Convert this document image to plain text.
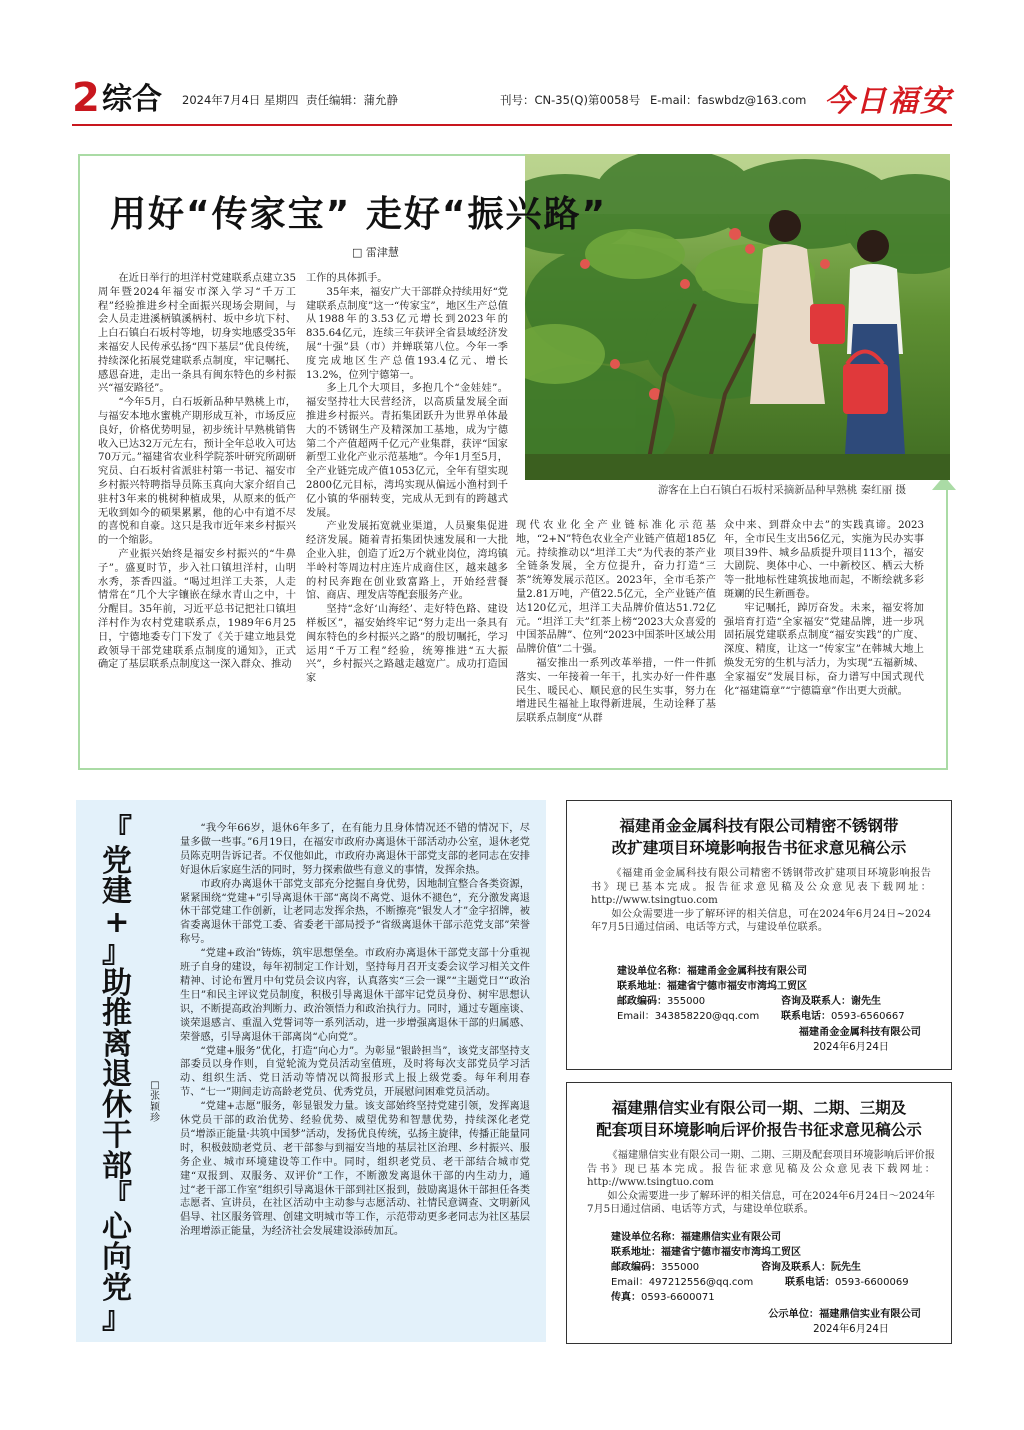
2 综合 2024年7月4日 星期四 责任编辑：蒲允静	刊号：CN-35(Q)第0058号 E-mail：faswbdz@163.com 今日福安
用好“传家宝” 走好“振兴路”
□ 雷津慧
游客在上白石镇白石坂村采摘新品种早熟桃 秦红丽 摄

在近日举行的坦洋村党建联系点建立35周年暨2024年福安市深入学习“千万工程”经验推进乡村全面振兴现场会期间，与会人员走进溪柄镇溪柄村、坂中乡坑下村、上白石镇白石坂村等地，切身实地感受35年来福安人民传承弘扬“四下基层”优良传统，持续深化拓展党建联系点制度，牢记嘱托、感恩奋进，走出一条具有闽东特色的乡村振兴“福安路径”。

“今年5月，白石坂新品种早熟桃上市，与福安本地水蜜桃产期形成互补，市场反应良好，价格优势明显，初步统计早熟桃销售收入已达32万元左右，预计全年总收入可达70万元。”福建省农业科学院茶叶研究所副研究员、白石坂村省派驻村第一书记、福安市乡村振兴特聘指导员陈玉真向大家介绍自己驻村3年来的桃树种植成果，从原来的低产无收到如今的硕果累累，他的心中有道不尽的喜悦和自豪。这只是我市近年来乡村振兴的一个缩影。

产业振兴始终是福安乡村振兴的“牛鼻子”。盛夏时节，步入社口镇坦洋村，山明水秀，茶香四溢。“喝过坦洋工夫茶，人走情常在”几个大字镶嵌在绿水青山之中，十分醒目。35年前，习近平总书记把社口镇坦洋村作为农村党建联系点，1989年6月25日，宁德地委专门下发了《关于建立地县党政领导干部党建联系点制度的通知》，正式确定了基层联系点制度这一深入群众、推动

工作的具体抓手。

35年来，福安广大干部群众持续用好“党建联系点制度”这一“传家宝”，地区生产总值从1988年的3.53亿元增长到2023年的835.64亿元，连续三年获评全省县域经济发展“十强”县（市）并蝉联第八位。今年一季度完成地区生产总值193.4亿元、增长13.2%，位列宁德第一。

多上几个大项目，多抱几个“金娃娃”。福安坚持壮大民营经济，以高质量发展全面推进乡村振兴。青拓集团跃升为世界单体最大的不锈钢生产及精深加工基地，成为宁德第二个产值超两千亿元产业集群，获评“国家新型工业化产业示范基地”。今年1月至5月，全产业链完成产值1053亿元，全年有望实现2800亿元目标，湾坞实现从偏远小渔村到千亿小镇的华丽转变，完成从无到有的跨越式发展。

产业发展拓宽就业渠道，人员聚集促进经济发展。随着青拓集团快速发展和一大批企业入驻，创造了近2万个就业岗位，湾坞镇半岭村等周边村庄连片成商住区，越来越多的村民奔跑在创业致富路上，开始经营餐馆、商店、理发店等配套服务产业。

坚持“念好‘山海经’、走好特色路、建设样板区”，福安始终牢记“努力走出一条具有闽东特色的乡村振兴之路”的殷切嘱托，学习运用“千万工程”经验，统筹推进“五大振兴”，乡村振兴之路越走越宽广。成功打造国家

现代农业化全产业链标准化示范基地，“2+N”特色农业全产业链产值超185亿元。持续推动以“坦洋工夫”为代表的茶产业全链条发展，全方位提升，奋力打造“三茶”统筹发展示范区。2023年，全市毛茶产量2.81万吨，产值22.5亿元，全产业链产值达120亿元，坦洋工夫品牌价值达51.72亿元。“坦洋工夫”红茶上榜“2023大众喜爱的中国茶品牌”、位列“2023中国茶叶区域公用品牌价值”二十强。

福安推出一系列改革举措，一件一件抓落实、一年接着一年干，扎实办好一件件惠民生、暖民心、顺民意的民生实事，努力在增进民生福祉上取得新进展，生动诠释了基层联系点制度“从群

众中来、到群众中去”的实践真谛。2023年，全市民生支出56亿元，实施为民办实事项目39件、城乡品质提升项目113个，福安大剧院、奥体中心、一中新校区、栖云大桥等一批地标性建筑拔地而起，不断绘就多彩斑斓的民生新画卷。

牢记嘱托，踔厉奋发。未来，福安将加强培育打造“全家福安”党建品牌，进一步巩固拓展党建联系点制度“福安实践”的广度、深度、精度，让这一“传家宝”在韩城大地上焕发无穷的生机与活力，为实现“五福新城、全家福安”发展目标，奋力谱写中国式现代化“福建篇章”“宁德篇章”作出更大贡献。

『
党
建
+
』
助
推
离
退
休
干
部
『
心
向
党
』
□张颖珍

“我今年66岁，退休6年多了，在有能力且身体情况还不错的情况下，尽量多做一些事。”6月19日，在福安市政府办离退休干部活动办公室，退休老党员陈克明告诉记者。不仅他如此，市政府办离退休干部党支部的老同志在安排好退休后家庭生活的同时，努力探索做些有意义的事情，发挥余热。

市政府办离退休干部党支部充分挖掘自身优势，因地制宜整合各类资源，紧紧围绕“党建+”引导离退休干部“离岗不离党、退休不褪色”，充分激发离退休干部党建工作创新，让老同志发挥余热，不断擦亮“银发人才”金字招牌，被省委离退休干部党工委、省委老干部局授予“省级离退休干部示范党支部”荣誉称号。

“党建+政治”铸炼，筑牢思想堡垒。市政府办离退休干部党支部十分重视班子自身的建设，每年初制定工作计划，坚持每月召开支委会议学习相关文件精神、讨论布置月中旬党员会议内容，认真落实“三会一课”“主题党日”“政治生日”和民主评议党员制度，积极引导离退休干部牢记党员身份、树牢思想认识，不断提高政治判断力、政治领悟力和政治执行力。同时，通过专题座谈、谈荣退感言、重温入党誓词等一系列活动，进一步增强离退休干部的归属感、荣誉感，引导离退休干部离岗“心向党”。

“党建+服务”优化，打造“向心力”。为彰显“银龄担当”，该党支部坚持支部委员以身作则，自觉轮流为党员活动室值班，及时将每次支部党员学习活动、组织生活、党日活动等情况以简报形式上报上级党委。每年利用春节、“七一”期间走访高龄老党员、优秀党员，开展慰问困难党员活动。

“党建+志愿”服务，彰显银发力量。该支部始终坚持党建引领，发挥离退休党员干部的政治优势、经验优势、威望优势和智慧优势，持续深化老党员“增添正能量·共筑中国梦”活动，发扬优良传统，弘扬主旋律，传播正能量同时，积极鼓励老党员、老干部参与到福安当地的基层社区治理、乡村振兴、服务企业、城市环境建设等工作中。同时，组织老党员、老干部结合城市党建“双报到、双服务、双评价”工作，不断激发离退休干部的内生动力，通过“老干部工作室”组织引导离退休干部到社区报到，鼓励离退休干部担任各类志愿者、宣讲员，在社区活动中主动参与志愿活动、社情民意调查、文明新风倡导、社区服务管理、创建文明城市等工作，示范带动更多老同志为社区基层治理增添正能量，为经济社会发展建设添砖加瓦。

福建甬金金属科技有限公司精密不锈钢带
改扩建项目环境影响报告书征求意见稿公示

《福建甬金金属科技有限公司精密不锈钢带改扩建项目环境影响报告书》现已基本完成。报告征求意见稿及公众意见表下载网址：http://www.tsingtuo.com

如公众需要进一步了解环评的相关信息，可在2024年6月24日~2024年7月5日通过信函、电话等方式，与建设单位联系。

建设单位名称：福建甬金金属科技有限公司
联系地址：福建省宁德市福安市湾坞工贸区
邮政编码：355000	咨询及联系人：谢先生
Email：343858220@qq.com 联系电话：0593-6560667
福建甬金金属科技有限公司
2024年6月24日
福建鼎信实业有限公司一期、二期、三期及
配套项目环境影响后评价报告书征求意见稿公示

《福建鼎信实业有限公司一期、二期、三期及配套项目环境影响后评价报告书》现已基本完成。报告征求意见稿及公众意见表下载网址：http://www.tsingtuo.com

如公众需要进一步了解环评的相关信息，可在2024年6月24日～2024年7月5日通过信函、电话等方式，与建设单位联系。

建设单位名称：福建鼎信实业有限公司
联系地址：福建省宁德市福安市湾坞工贸区
邮政编码：355000	咨询及联系人：阮先生
Email：497212556@qq.com	联系电话：0593-6600069
传真：0593-6600071
公示单位：福建鼎信实业有限公司
2024年6月24日
